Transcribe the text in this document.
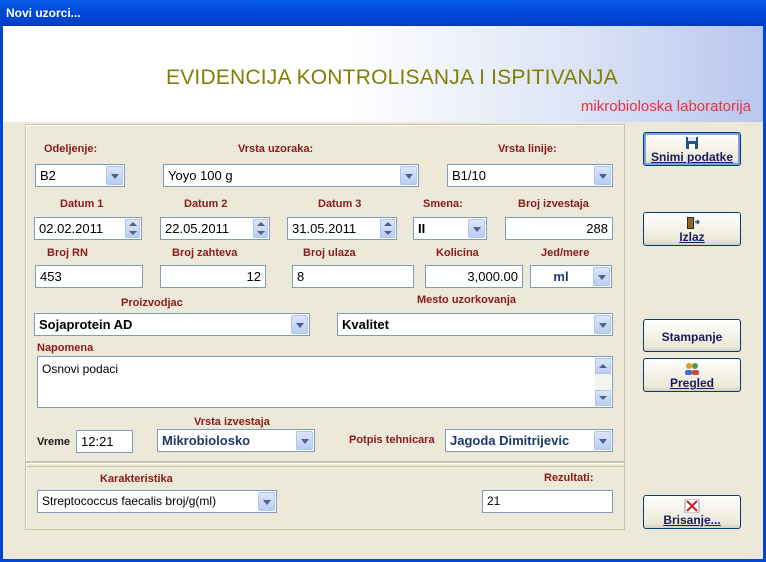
Novi uzorci...
EVIDENCIJA KONTROLISANJA I ISPITIVANJA
mikrobioloska laboratorija
Odeljenje:
B2
Vrsta uzoraka:
Yoyo 100 g
Vrsta linije:
B1/10
Datum 1
02.02.2011
Datum 2
22.05.2011
Datum 3
31.05.2011
Smena:
II
Broj izvestaja
288
Broj RN
453
Broj zahteva
12
Broj ulaza
8
Kolicina
3,000.00
Jed/mere
ml
Proizvodjac
Sojaprotein AD
Mesto uzorkovanja
Kvalitet
Napomena
Osnovi podaci
Vrsta izvestaja
Vreme 12:21	Mikrobiolosko	Potpis tehnicara Jagoda Dimitrijevic
Karakteristika
Streptococcus faecalis broj/g(ml)
Rezultati:
21
Snimi podatke
Izlaz
Stampanje
Pregled
Brisanje...
